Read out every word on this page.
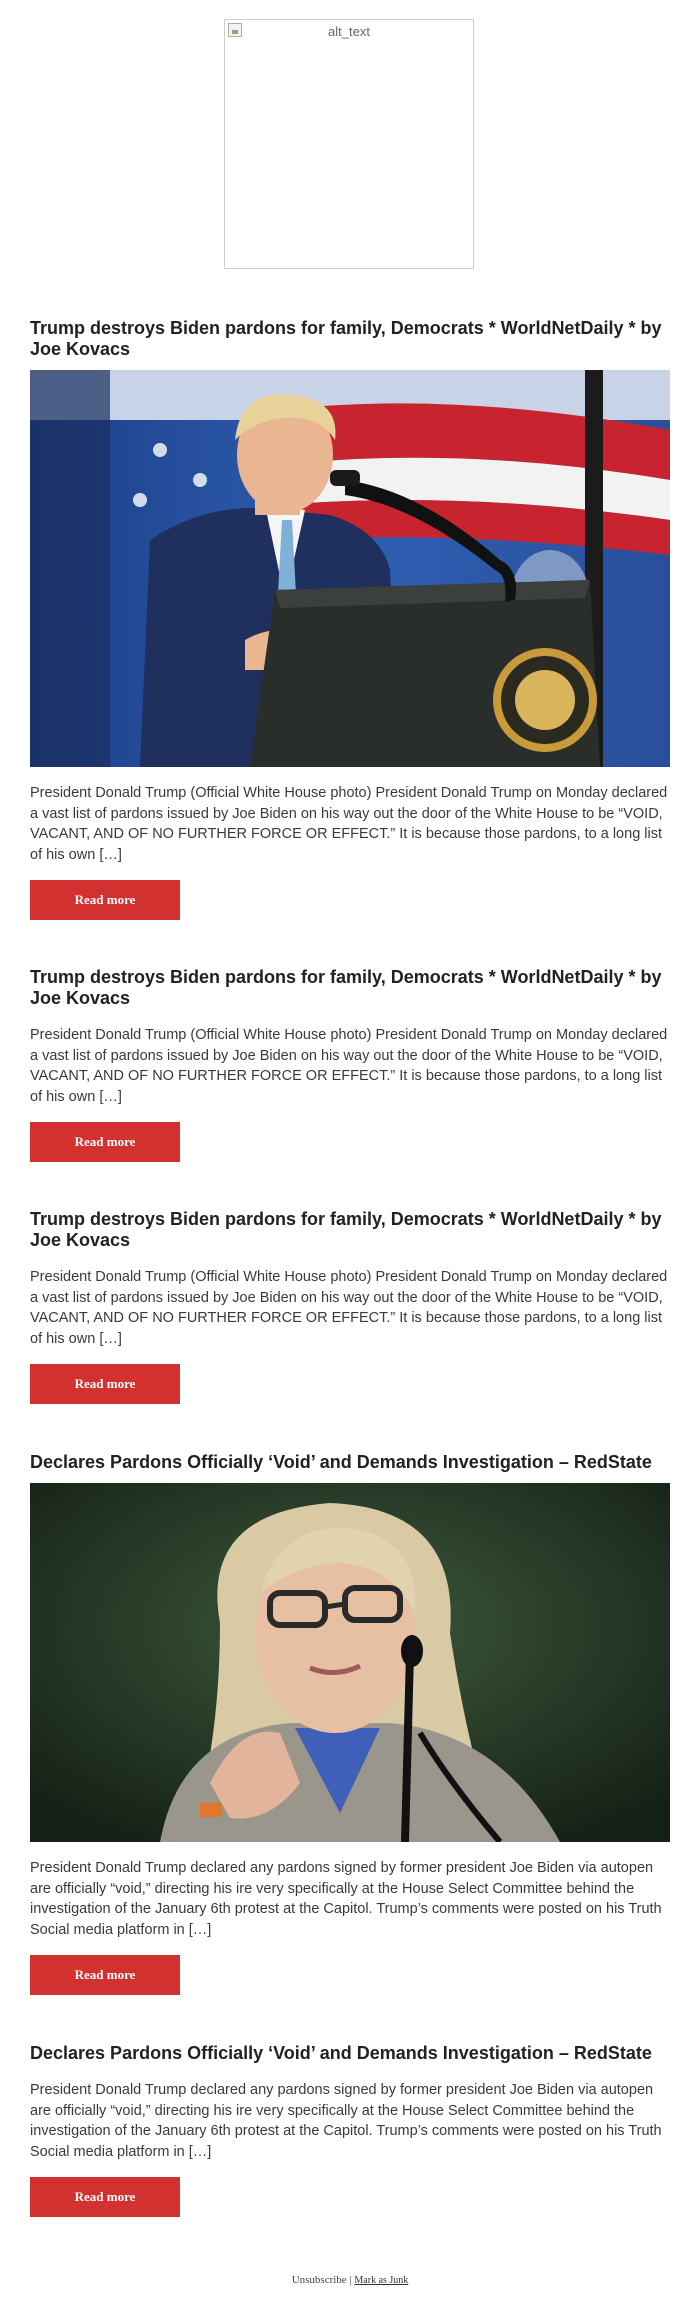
alt_text
Trump destroys Biden pardons for family, Democrats * WorldNetDaily * by Joe Kovacs

President Donald Trump (Official White House photo) President Donald Trump on Monday declared a vast list of pardons issued by Joe Biden on his way out the door of the White House to be “VOID, VACANT, AND OF NO FURTHER FORCE OR EFFECT.” It is because those pardons, to a long list of his own […]

Read more
Trump destroys Biden pardons for family, Democrats * WorldNetDaily * by Joe Kovacs

President Donald Trump (Official White House photo) President Donald Trump on Monday declared a vast list of pardons issued by Joe Biden on his way out the door of the White House to be “VOID, VACANT, AND OF NO FURTHER FORCE OR EFFECT.” It is because those pardons, to a long list of his own […]

Read more
Trump destroys Biden pardons for family, Democrats * WorldNetDaily * by Joe Kovacs

President Donald Trump (Official White House photo) President Donald Trump on Monday declared a vast list of pardons issued by Joe Biden on his way out the door of the White House to be “VOID, VACANT, AND OF NO FURTHER FORCE OR EFFECT.” It is because those pardons, to a long list of his own […]

Read more
Declares Pardons Officially ‘Void’ and Demands Investigation – RedState

President Donald Trump declared any pardons signed by former president Joe Biden via autopen are officially “void,” directing his ire very specifically at the House Select Committee behind the investigation of the January 6th protest at the Capitol. Trump’s comments were posted on his Truth Social media platform in […]

Read more
Declares Pardons Officially ‘Void’ and Demands Investigation – RedState

President Donald Trump declared any pardons signed by former president Joe Biden via autopen are officially “void,” directing his ire very specifically at the House Select Committee behind the investigation of the January 6th protest at the Capitol. Trump’s comments were posted on his Truth Social media platform in […]

Read more
Unsubscribe | Mark as Junk
